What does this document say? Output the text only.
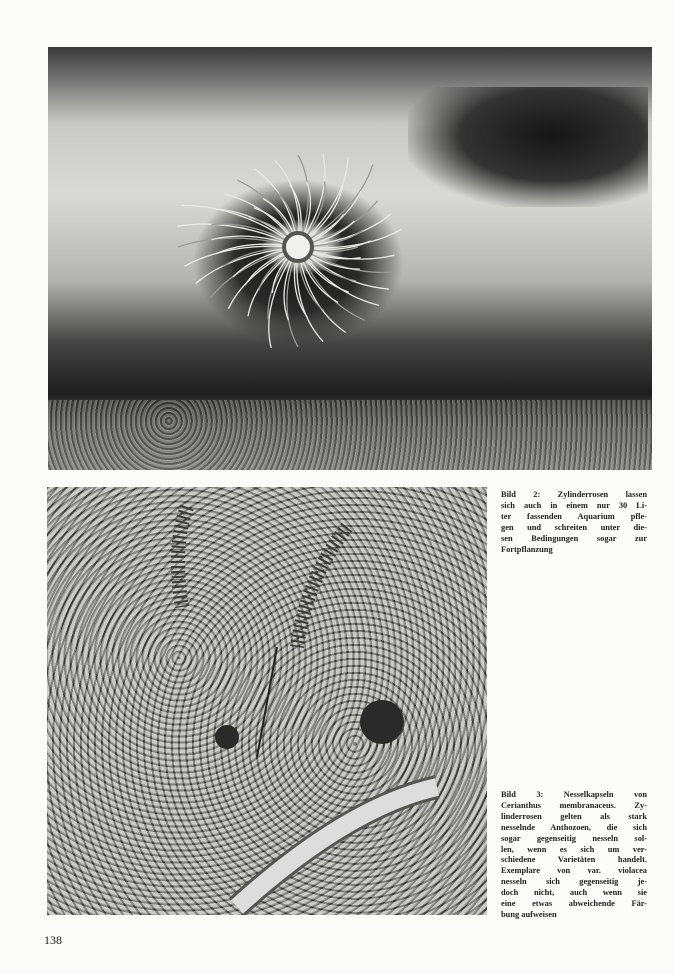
Bild 2: Zylinderrosen lassen
sich auch in einem nur 30 Li-
ter fassenden Aquarium pfle-
gen und schreiten unter die-
sen Bedingungen sogar zur
Fortpflanzung
Bild 3: Nesselkapseln von
Cerianthus membranaceus. Zy-
linderrosen gelten als stark
nesselnde Anthozoen, die sich
sogar gegenseitig nesseln sol-
len, wenn es sich um ver-
schiedene Varietäten handelt.
Exemplare von var. violacea
nesseln sich gegenseitig je-
doch nicht, auch wenn sie
eine etwas abweichende Fär-
bung aufweisen
138
